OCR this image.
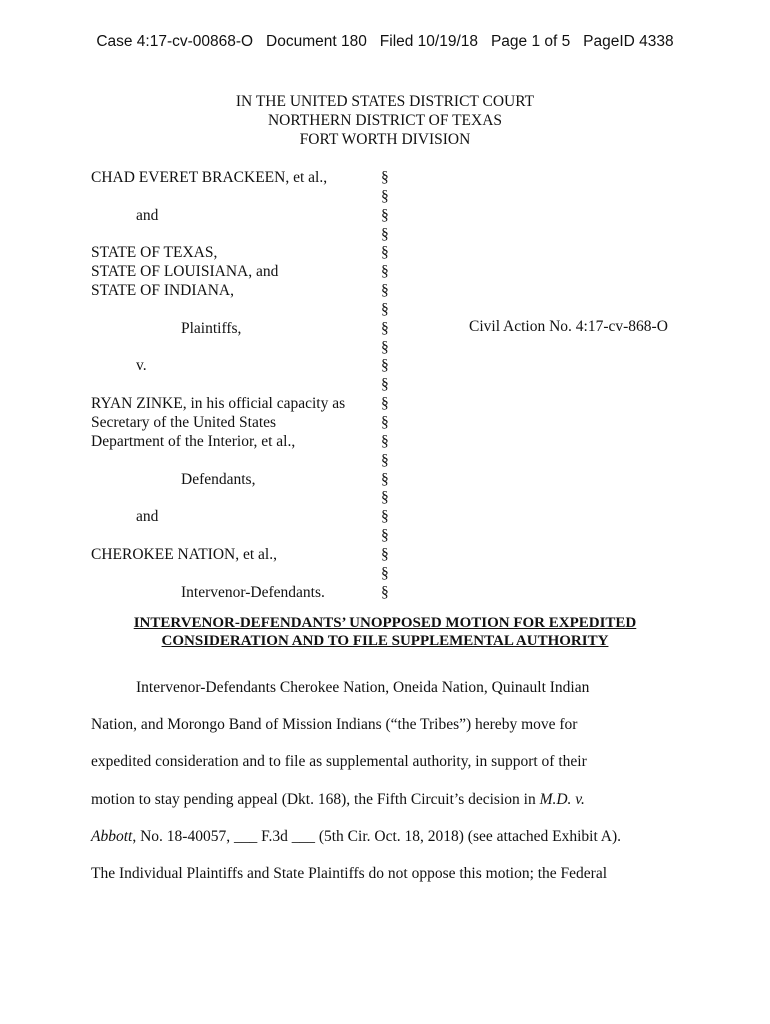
Case 4:17-cv-00868-O Document 180 Filed 10/19/18 Page 1 of 5 PageID 4338
IN THE UNITED STATES DISTRICT COURT
NORTHERN DISTRICT OF TEXAS
FORT WORTH DIVISION
CHAD EVERET BRACKEEN, et al.,
and
STATE OF TEXAS,
STATE OF LOUISIANA, and
STATE OF INDIANA,
Plaintiffs,
v.
RYAN ZINKE, in his official capacity as
Secretary of the United States
Department of the Interior, et al.,
Defendants,
and
CHEROKEE NATION, et al.,
Intervenor-Defendants.
§
§
§
§
§
§
§
§
§
§
§
§
§
§
§
§
§
§
§
§
§
§
§
Civil Action No. 4:17-cv-868-O
INTERVENOR-DEFENDANTS’ UNOPPOSED MOTION FOR EXPEDITED
CONSIDERATION AND TO FILE SUPPLEMENTAL AUTHORITY
Intervenor-Defendants Cherokee Nation, Oneida Nation, Quinault Indian
Nation, and Morongo Band of Mission Indians (“the Tribes”) hereby move for
expedited consideration and to file as supplemental authority, in support of their
motion to stay pending appeal (Dkt. 168), the Fifth Circuit’s decision in M.D. v.
Abbott, No. 18-40057, ___ F.3d ___ (5th Cir. Oct. 18, 2018) (see attached Exhibit A).
The Individual Plaintiffs and State Plaintiffs do not oppose this motion; the Federal
